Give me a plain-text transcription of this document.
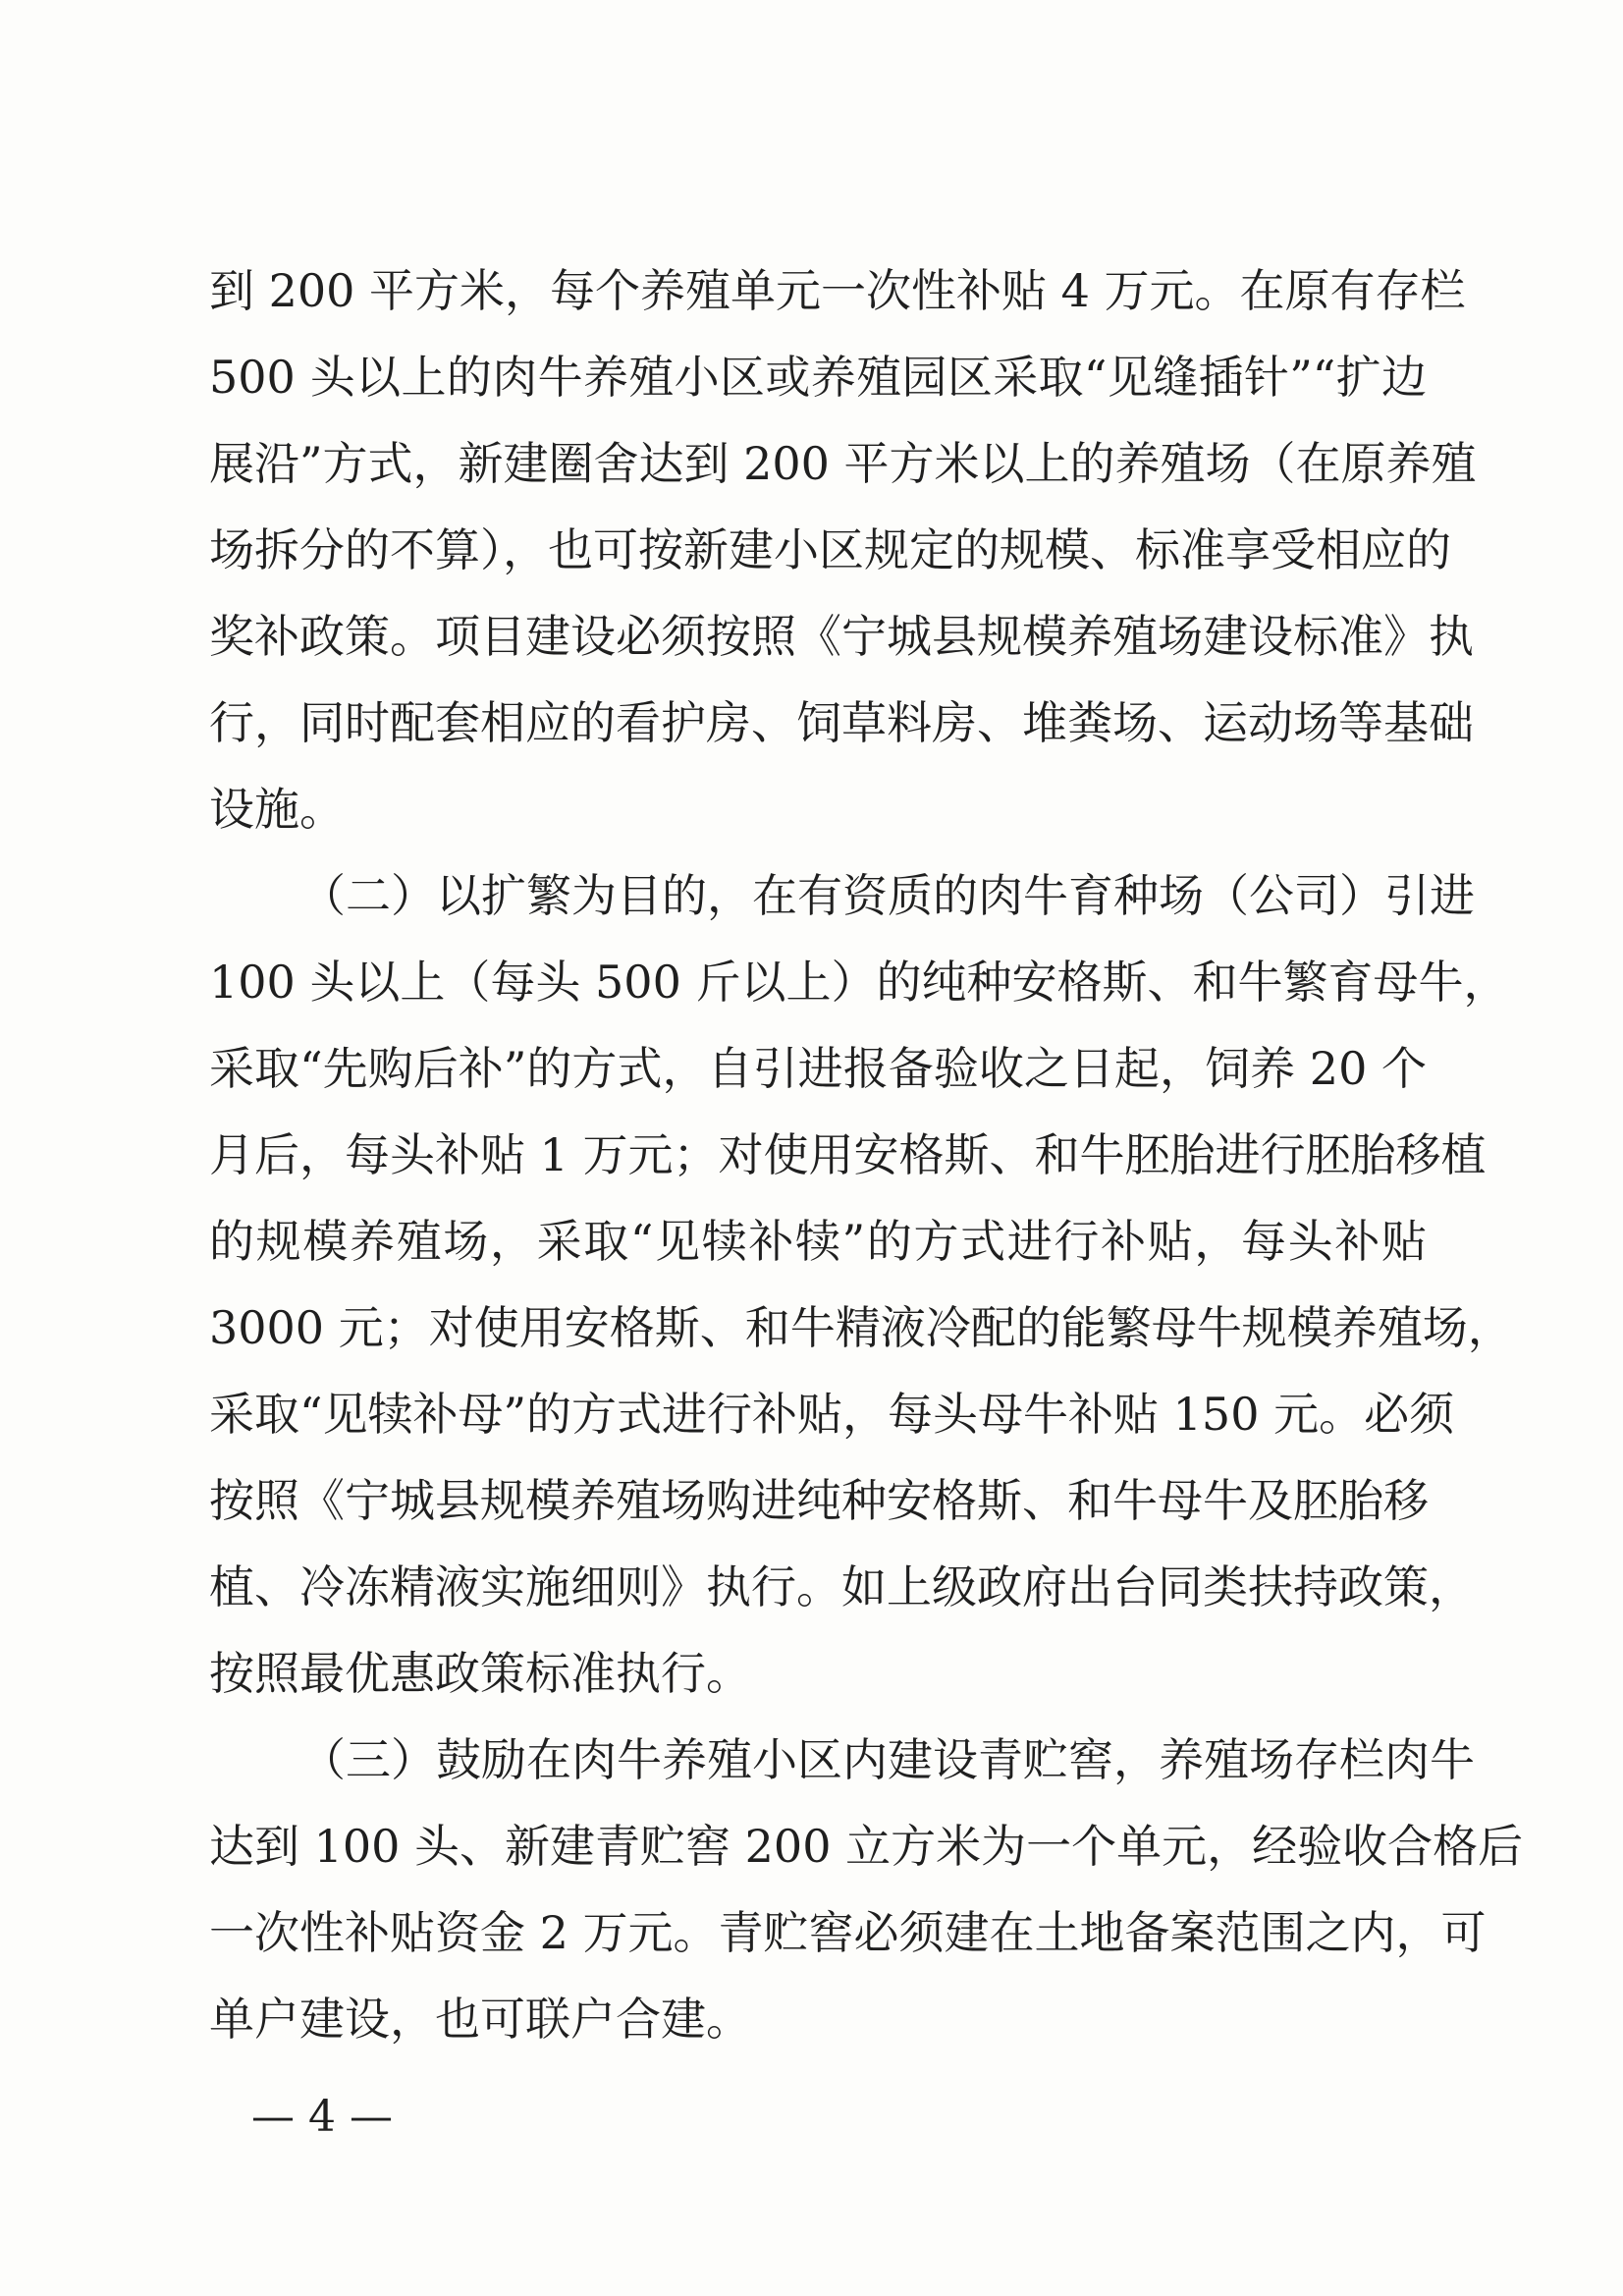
到 200 平方米，每个养殖单元一次性补贴 4 万元。在原有存栏
500 头以上的肉牛养殖小区或养殖园区采取“见缝插针”“扩边
展沿”方式，新建圈舍达到 200 平方米以上的养殖场（在原养殖
场拆分的不算），也可按新建小区规定的规模、标准享受相应的
奖补政策。项目建设必须按照《宁城县规模养殖场建设标准》执
行，同时配套相应的看护房、饲草料房、堆粪场、运动场等基础
设施。
（二）以扩繁为目的，在有资质的肉牛育种场（公司）引进
100 头以上（每头 500 斤以上）的纯种安格斯、和牛繁育母牛，
采取“先购后补”的方式，自引进报备验收之日起，饲养 20 个
月后，每头补贴 1 万元；对使用安格斯、和牛胚胎进行胚胎移植
的规模养殖场，采取“见犊补犊”的方式进行补贴，每头补贴
3000 元；对使用安格斯、和牛精液冷配的能繁母牛规模养殖场，
采取“见犊补母”的方式进行补贴，每头母牛补贴 150 元。必须
按照《宁城县规模养殖场购进纯种安格斯、和牛母牛及胚胎移
植、冷冻精液实施细则》执行。如上级政府出台同类扶持政策，
按照最优惠政策标准执行。
（三）鼓励在肉牛养殖小区内建设青贮窖，养殖场存栏肉牛
达到 100 头、新建青贮窖 200 立方米为一个单元，经验收合格后
一次性补贴资金 2 万元。青贮窖必须建在土地备案范围之内，可
单户建设，也可联户合建。
— 4 —
